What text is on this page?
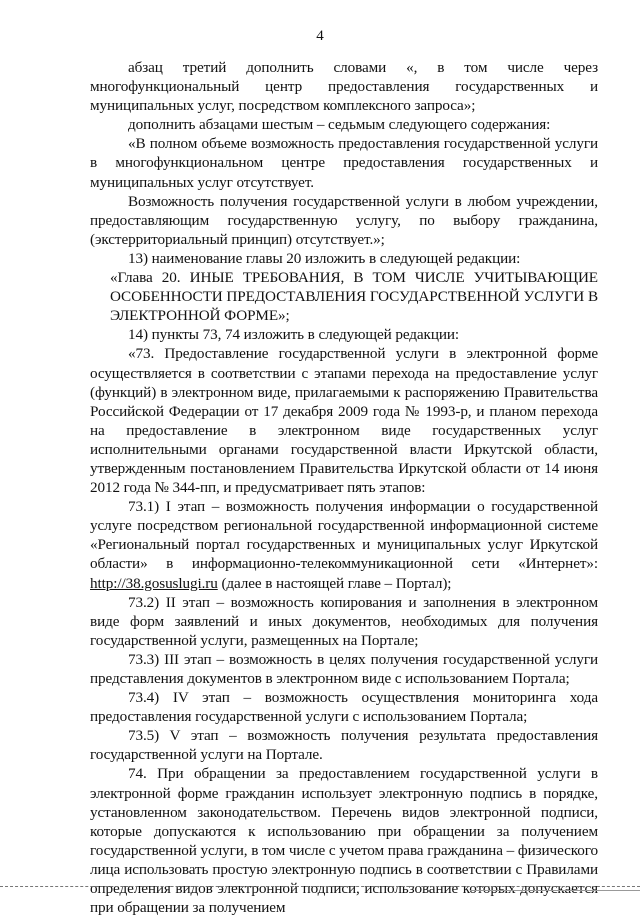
4

абзац третий дополнить словами «, в том числе через многофункциональный центр предоставления государственных и муниципальных услуг, посредством комплексного запроса»;

дополнить абзацами шестым – седьмым следующего содержания:

«В полном объеме возможность предоставления государственной услуги в многофункциональном центре предоставления государственных и муниципальных услуг отсутствует.

Возможность получения государственной услуги в любом учреждении, предоставляющим государственную услугу, по выбору гражданина, (экстерриториальный принцип) отсутствует.»;

13) наименование главы 20 изложить в следующей редакции:

«Глава 20. ИНЫЕ ТРЕБОВАНИЯ, В ТОМ ЧИСЛЕ УЧИТЫВАЮЩИЕ ОСОБЕННОСТИ ПРЕДОСТАВЛЕНИЯ ГОСУДАРСТВЕННОЙ УСЛУГИ В ЭЛЕКТРОННОЙ ФОРМЕ»;

14) пункты 73, 74 изложить в следующей редакции:

«73. Предоставление государственной услуги в электронной форме осуществляется в соответствии с этапами перехода на предоставление услуг (функций) в электронном виде, прилагаемыми к распоряжению Правительства Российской Федерации от 17 декабря 2009 года № 1993-р, и планом перехода на предоставление в электронном виде государственных услуг исполнительными органами государственной власти Иркутской области, утвержденным постановлением Правительства Иркутской области от 14 июня 2012 года № 344-пп, и предусматривает пять этапов:

73.1) I этап – возможность получения информации о государственной услуге посредством региональной государственной информационной системе «Региональный портал государственных и муниципальных услуг Иркутской области» в информационно-телекоммуникационной сети «Интернет»: http://38.gosuslugi.ru (далее в настоящей главе – Портал);

73.2) II этап – возможность копирования и заполнения в электронном виде форм заявлений и иных документов, необходимых для получения государственной услуги, размещенных на Портале;

73.3) III этап – возможность в целях получения государственной услуги представления документов в электронном виде с использованием Портала;

73.4) IV этап – возможность осуществления мониторинга хода предоставления государственной услуги с использованием Портала;

73.5) V этап – возможность получения результата предоставления государственной услуги на Портале.

74. При обращении за предоставлением государственной услуги в электронной форме гражданин использует электронную подпись в порядке, установленном законодательством. Перечень видов электронной подписи, которые допускаются к использованию при обращении за получением государственной услуги, в том числе с учетом права гражданина – физического лица использовать простую электронную подпись в соответствии с Правилами определения видов электронной подписи, использование которых допускается при обращении за получением
